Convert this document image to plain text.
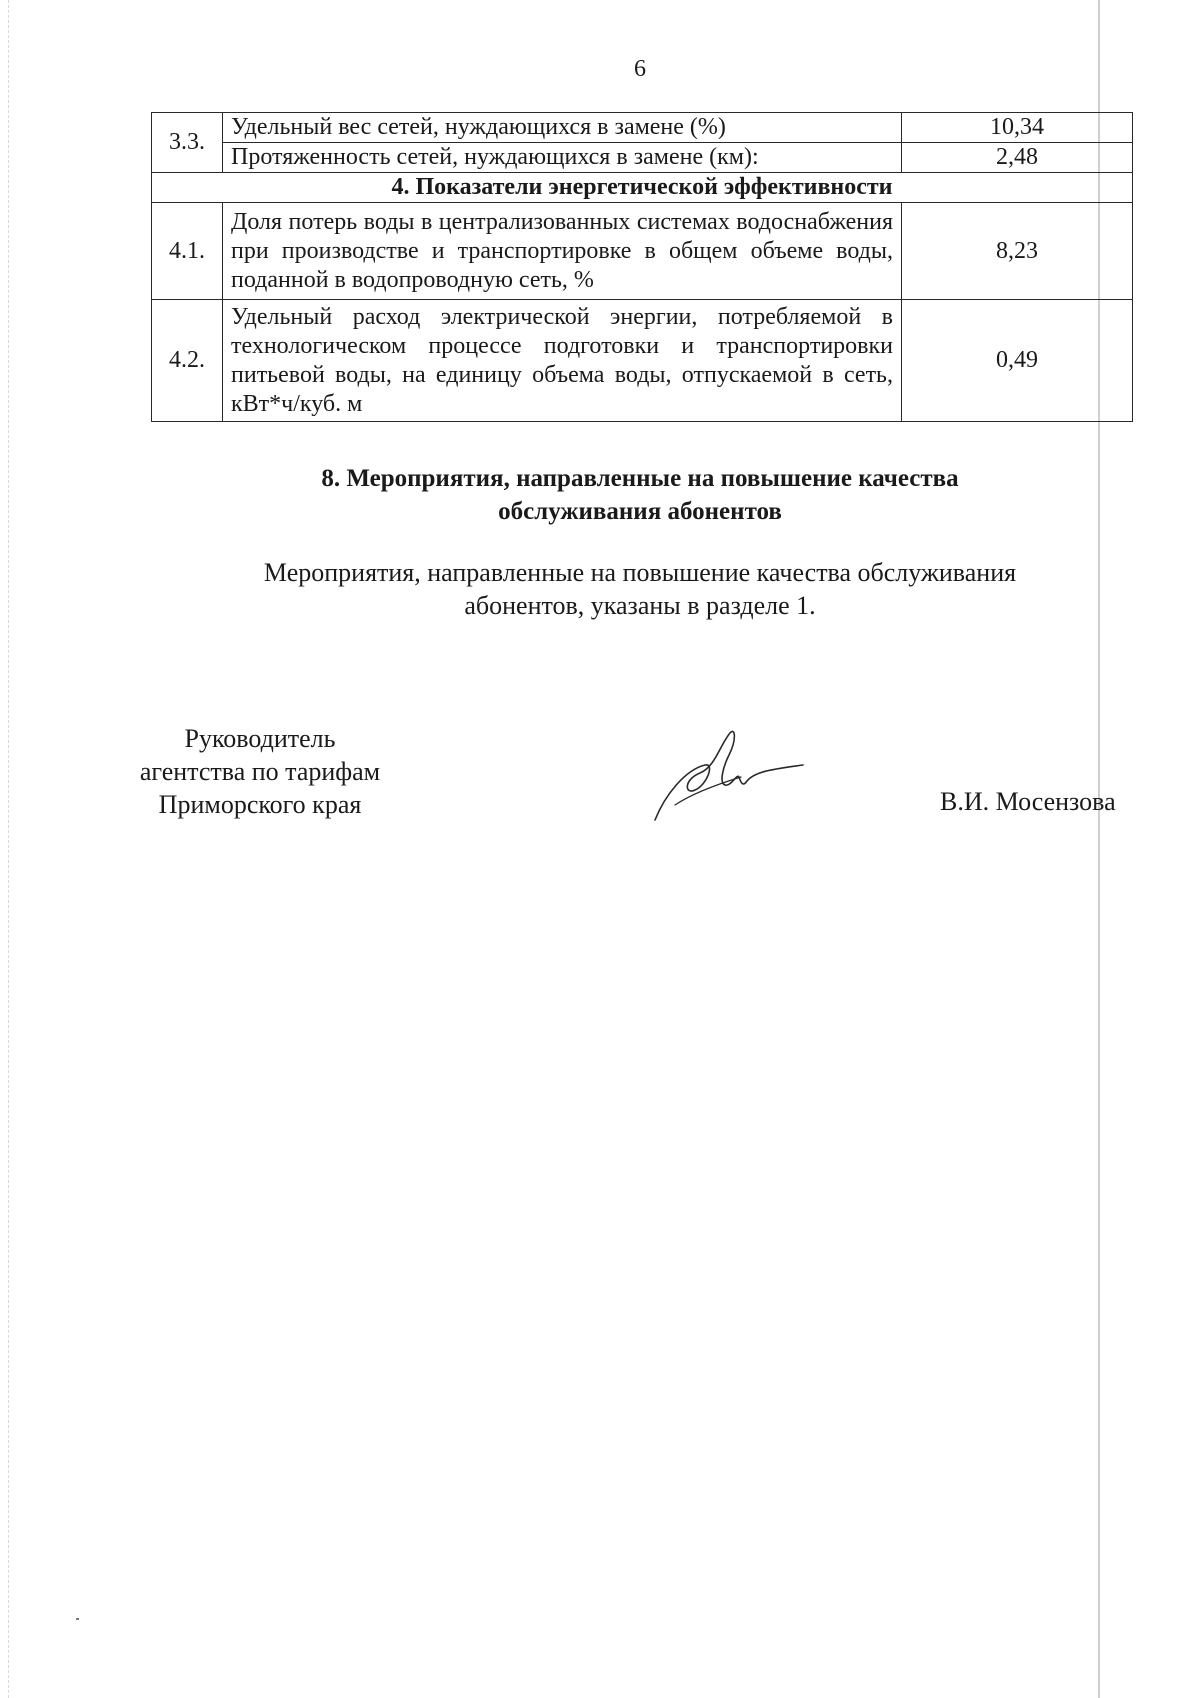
6
3.3.	Удельный вес сетей, нуждающихся в замене (%)	10,34
	Протяженность сетей, нуждающихся в замене (км):	2,48
4. Показатели энергетической эффективности		
4.1.	Доля потерь воды в централизованных системах водоснабжения при производстве и транспортировке в общем объеме воды, поданной в водопроводную сеть, %	8,23
4.2.	Удельный расход электрической энергии, потребляемой в технологическом процессе подготовки и транспортировки питьевой воды, на единицу объема воды, отпускаемой в сеть, кВт*ч/куб. м	0,49
8. Мероприятия, направленные на повышение качества
обслуживания абонентов

Мероприятия, направленные на повышение качества обслуживания
абонентов, указаны в разделе 1.

Руководитель
агентства по тарифам
Приморского края	В.И. Мосензова
